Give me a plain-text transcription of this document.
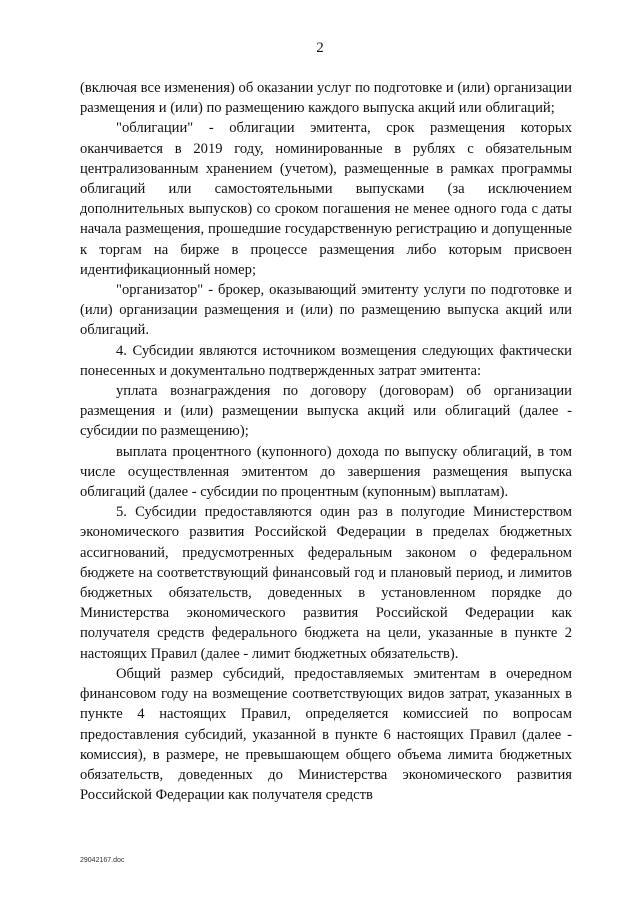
2

(включая все изменения) об оказании услуг по подготовке и (или) организации размещения и (или) по размещению каждого выпуска акций или облигаций;

"облигации" - облигации эмитента, срок размещения которых оканчивается в 2019 году, номинированные в рублях с обязательным централизованным хранением (учетом), размещенные в рамках программы облигаций или самостоятельными выпусками (за исключением дополнительных выпусков) со сроком погашения не менее одного года с даты начала размещения, прошедшие государственную регистрацию и допущенные к торгам на бирже в процессе размещения либо которым присвоен идентификационный номер;

"организатор" - брокер, оказывающий эмитенту услуги по подготовке и (или) организации размещения и (или) по размещению выпуска акций или облигаций.

4. Субсидии являются источником возмещения следующих фактически понесенных и документально подтвержденных затрат эмитента:

уплата вознаграждения по договору (договорам) об организации размещения и (или) размещении выпуска акций или облигаций (далее - субсидии по размещению);

выплата процентного (купонного) дохода по выпуску облигаций, в том числе осуществленная эмитентом до завершения размещения выпуска облигаций (далее - субсидии по процентным (купонным) выплатам).

5. Субсидии предоставляются один раз в полугодие Министерством экономического развития Российской Федерации в пределах бюджетных ассигнований, предусмотренных федеральным законом о федеральном бюджете на соответствующий финансовый год и плановый период, и лимитов бюджетных обязательств, доведенных в установленном порядке до Министерства экономического развития Российской Федерации как получателя средств федерального бюджета на цели, указанные в пункте 2 настоящих Правил (далее - лимит бюджетных обязательств).

Общий размер субсидий, предоставляемых эмитентам в очередном финансовом году на возмещение соответствующих видов затрат, указанных в пункте 4 настоящих Правил, определяется комиссией по вопросам предоставления субсидий, указанной в пункте 6 настоящих Правил (далее - комиссия), в размере, не превышающем общего объема лимита бюджетных обязательств, доведенных до Министерства экономического развития Российской Федерации как получателя средств

29042167.doc
